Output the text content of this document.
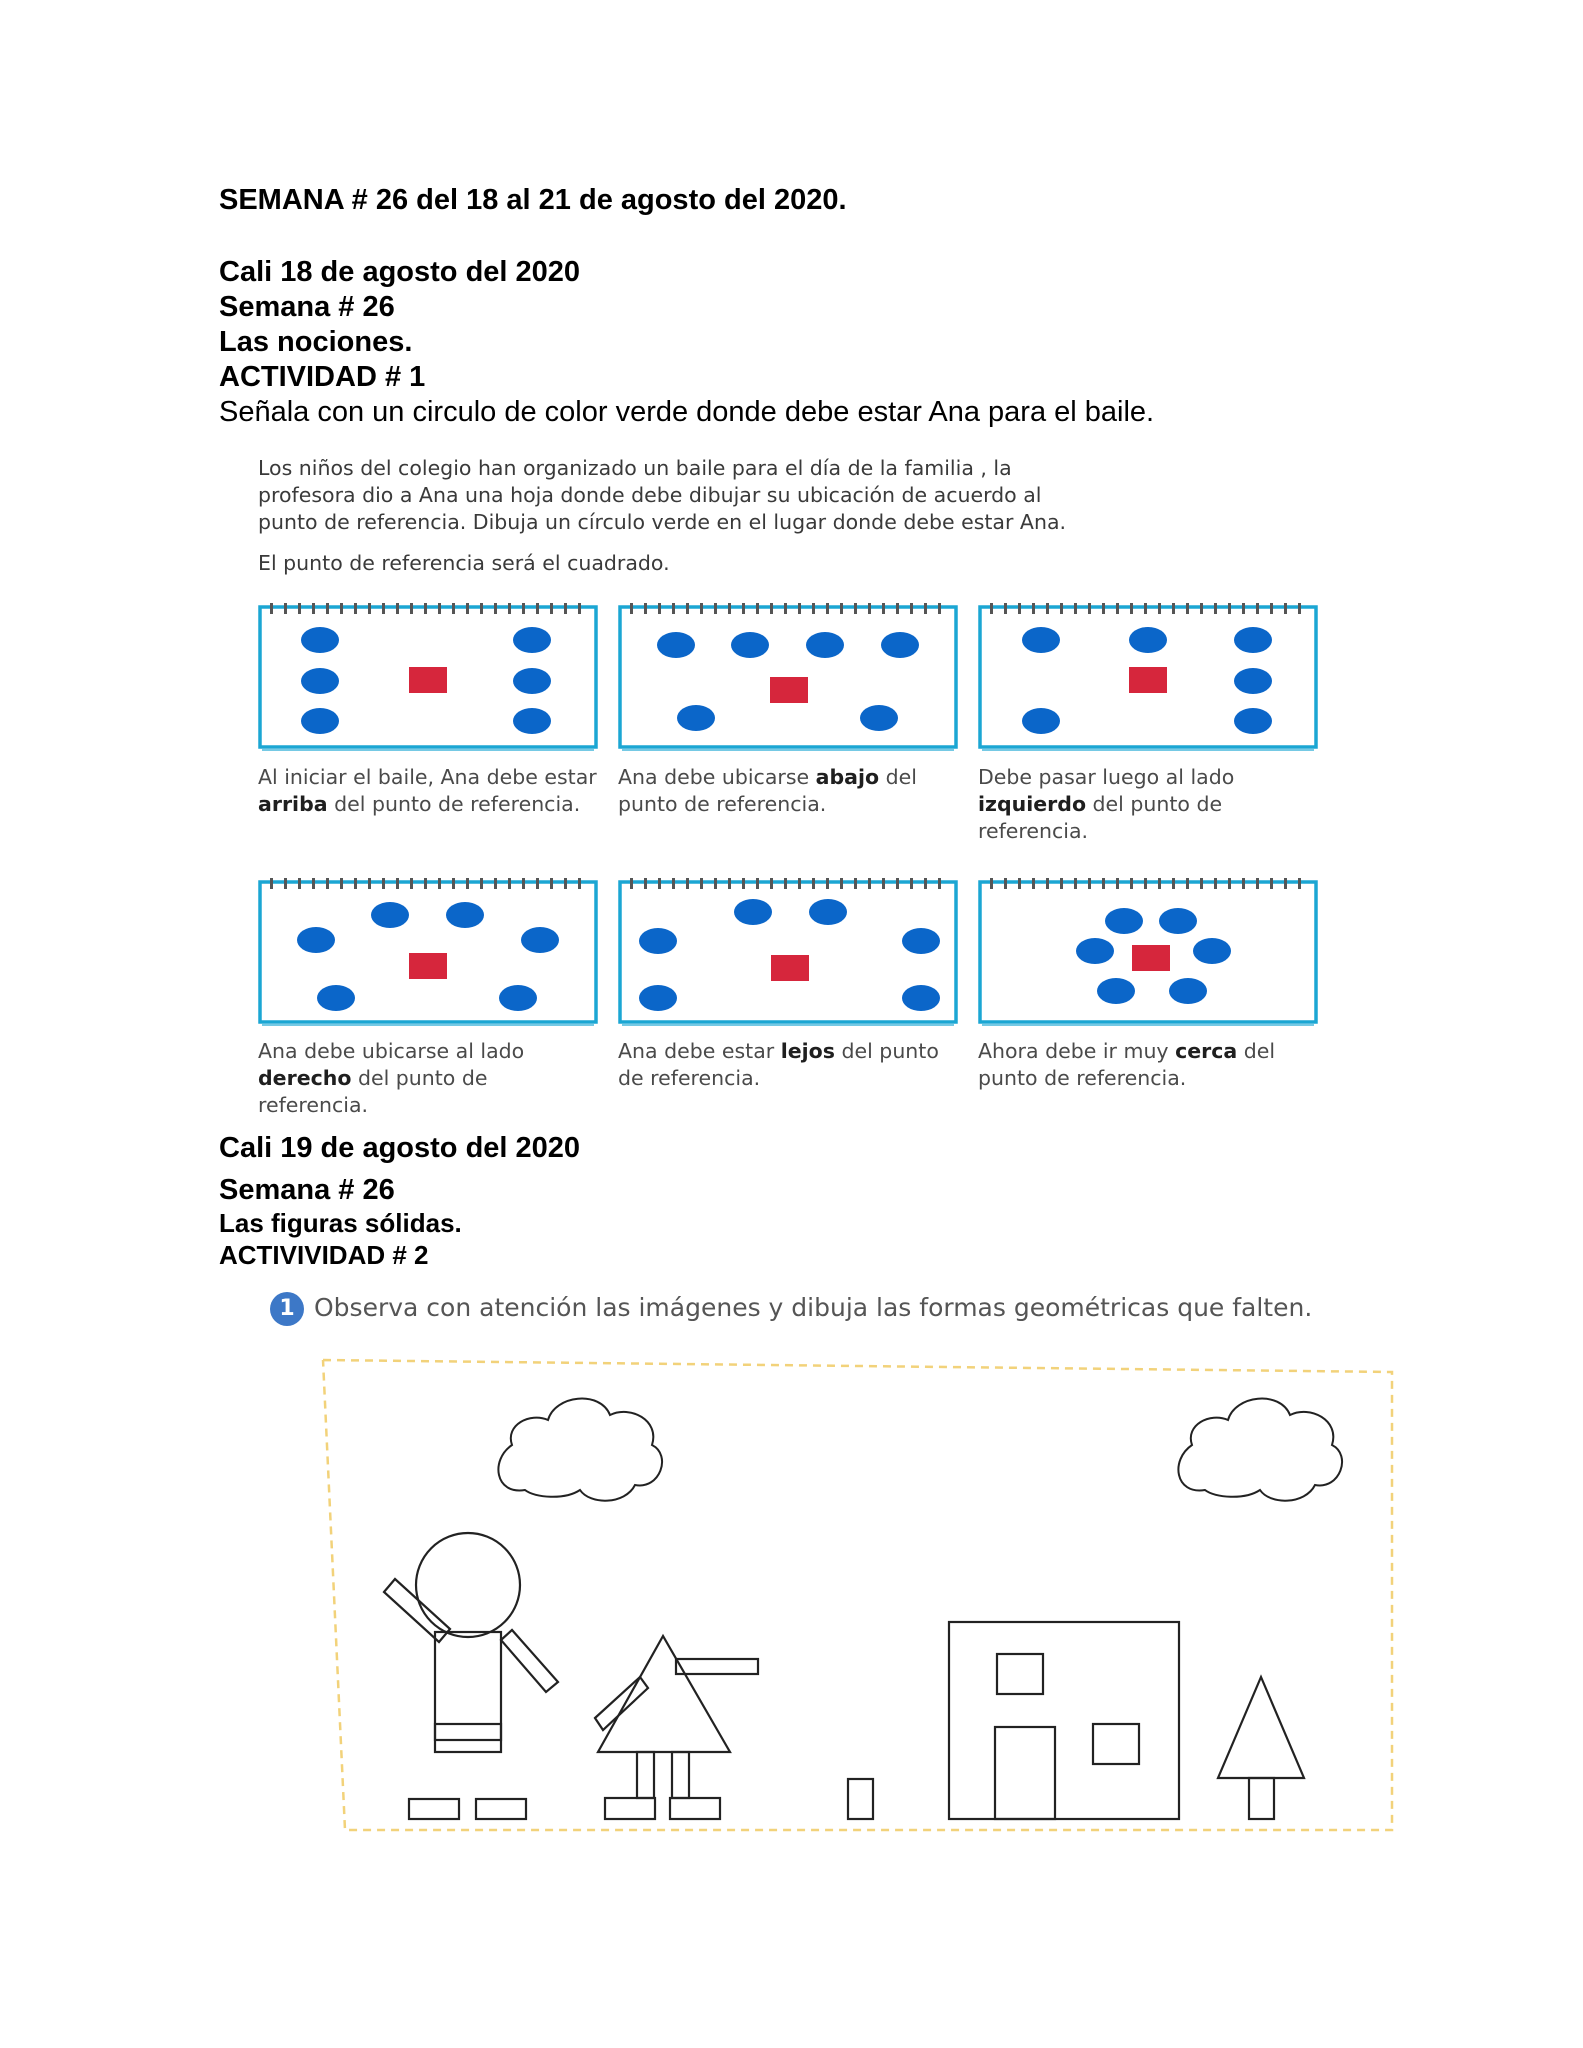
SEMANA # 26 del 18 al 21 de agosto del 2020.
Cali 18 de agosto del 2020
Semana # 26
Las nociones.
ACTIVIDAD # 1
Señala con un circulo de color verde donde debe estar Ana para el baile.
Los niños del colegio han organizado un baile para el día de la familia , la
profesora dio a Ana una hoja donde debe dibujar su ubicación de acuerdo al
punto de referencia. Dibuja un círculo verde en el lugar donde debe estar Ana.
El punto de referencia será el cuadrado.
Al iniciar el baile, Ana debe estar arriba del punto de referencia.
Ana debe ubicarse abajo del punto de referencia.
Debe pasar luego al lado izquierdo del punto de referencia.
Ana debe ubicarse al lado derecho del punto de referencia.
Ana debe estar lejos del punto de referencia.
Ahora debe ir muy cerca del punto de referencia.
Cali 19 de agosto del 2020
Semana # 26
Las figuras sólidas.
ACTIVIVIDAD # 2
1 Observa con atención las imágenes y dibuja las formas geométricas que falten.
